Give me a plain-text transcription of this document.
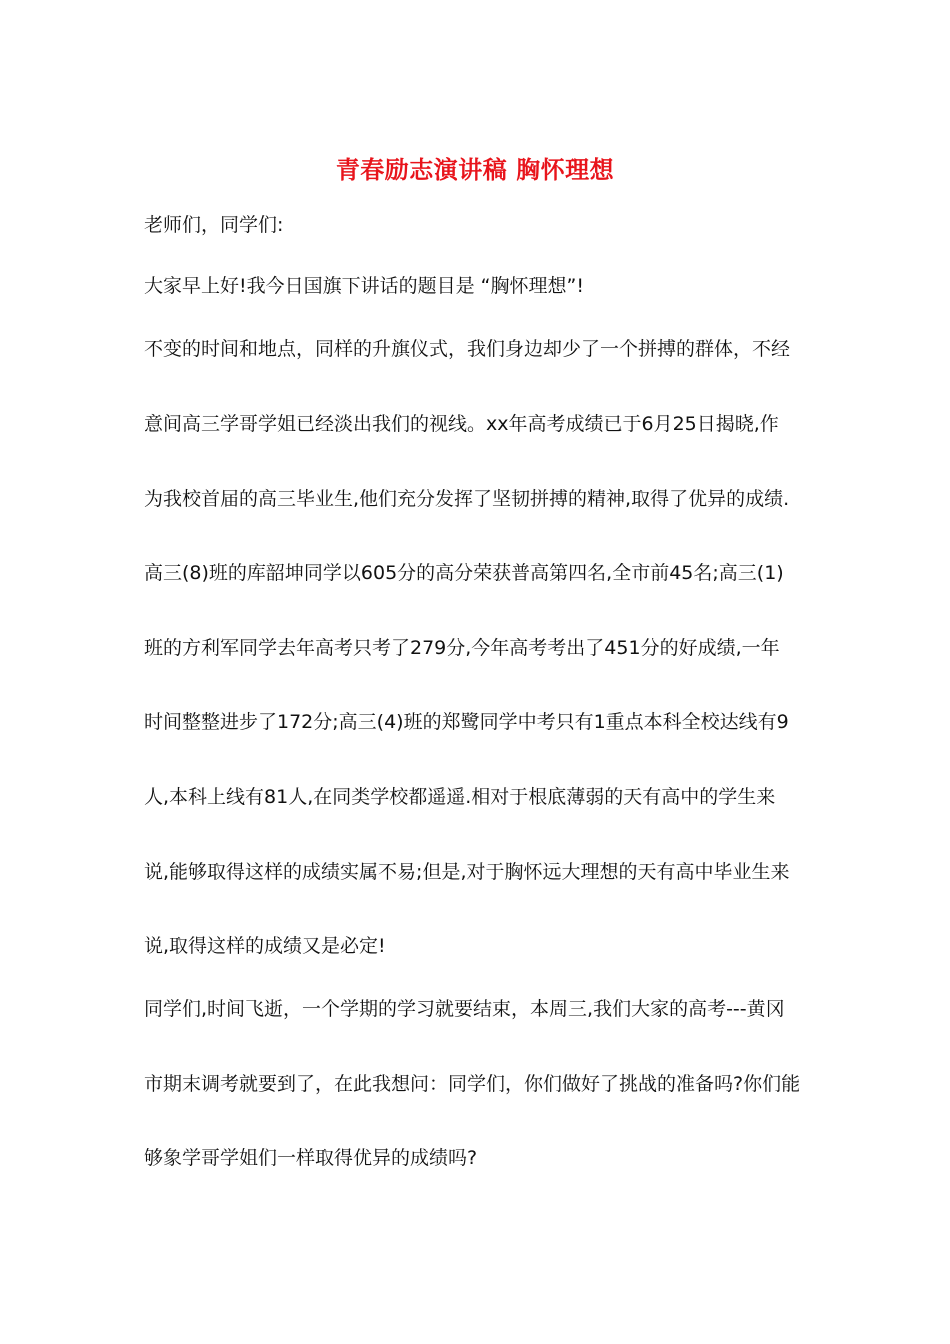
青春励志演讲稿 胸怀理想
老师们，同学们:
大家早上好!我今日国旗下讲话的题目是 “胸怀理想”!
不变的时间和地点，同样的升旗仪式，我们身边却少了一个拼搏的群体，不经
意间高三学哥学姐已经淡出我们的视线。xx年高考成绩已于6月25日揭晓,作
为我校首届的高三毕业生,他们充分发挥了坚韧拼搏的精神,取得了优异的成绩.
高三(8)班的库韶坤同学以605分的高分荣获普高第四名,全市前45名;高三(1)
班的方利军同学去年高考只考了279分,今年高考考出了451分的好成绩,一年
时间整整进步了172分;高三(4)班的郑鹭同学中考只有1重点本科全校达线有9
人,本科上线有81人,在同类学校都遥遥.相对于根底薄弱的天有高中的学生来
说,能够取得这样的成绩实属不易;但是,对于胸怀远大理想的天有高中毕业生来
说,取得这样的成绩又是必定!
同学们,时间飞逝，一个学期的学习就要结束，本周三,我们大家的高考---黄冈
市期末调考就要到了，在此我想问：同学们，你们做好了挑战的准备吗?你们能
够象学哥学姐们一样取得优异的成绩吗?
